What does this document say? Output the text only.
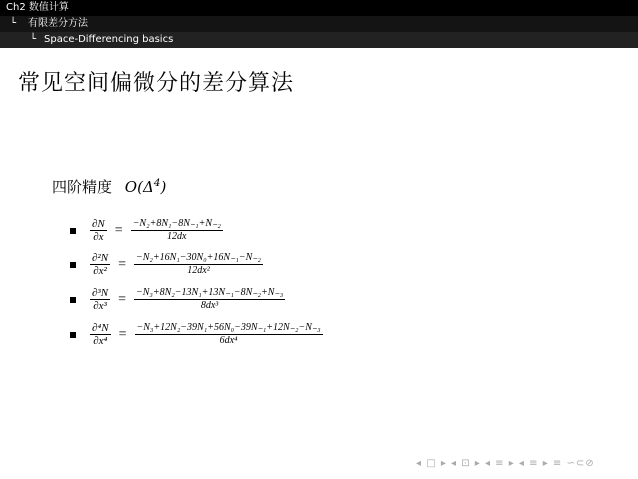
Ch2 数值计算
└ 有限差分方法
└ Space-Differencing basics
常见空间偏微分的差分算法
四阶精度 $O(\Delta^4)$
$\frac{\partial N}{\partial x} = \frac{\text{−N₂+8N₁−8N₋₁+N₋₂}}{12dx}$
$\frac{\text{∂²N}}{\text{∂x²}} = \frac{\text{−N₂+16N₁−30N₀+16N₋₁−N₋₂}}{\text{12dx²}}$
$\frac{\text{∂³N}}{\text{∂x³}} = \frac{\text{−N₃+8N₂−13N₁+13N₋₁−8N₋₂+N₋₃}}{\text{8dx³}}$
$\frac{\text{∂⁴N}}{\text{∂x⁴}} = \frac{\text{−N₃+12N₂−39N₁+56N₀−39N₋₁+12N₋₂−N₋₃}}{\text{6dx⁴}}$
◂ □ ▸ ◂ ⊡ ▸ ◂ ≡ ▸ ◂ ≡ ▸ ≡ ∽⊂⊘
